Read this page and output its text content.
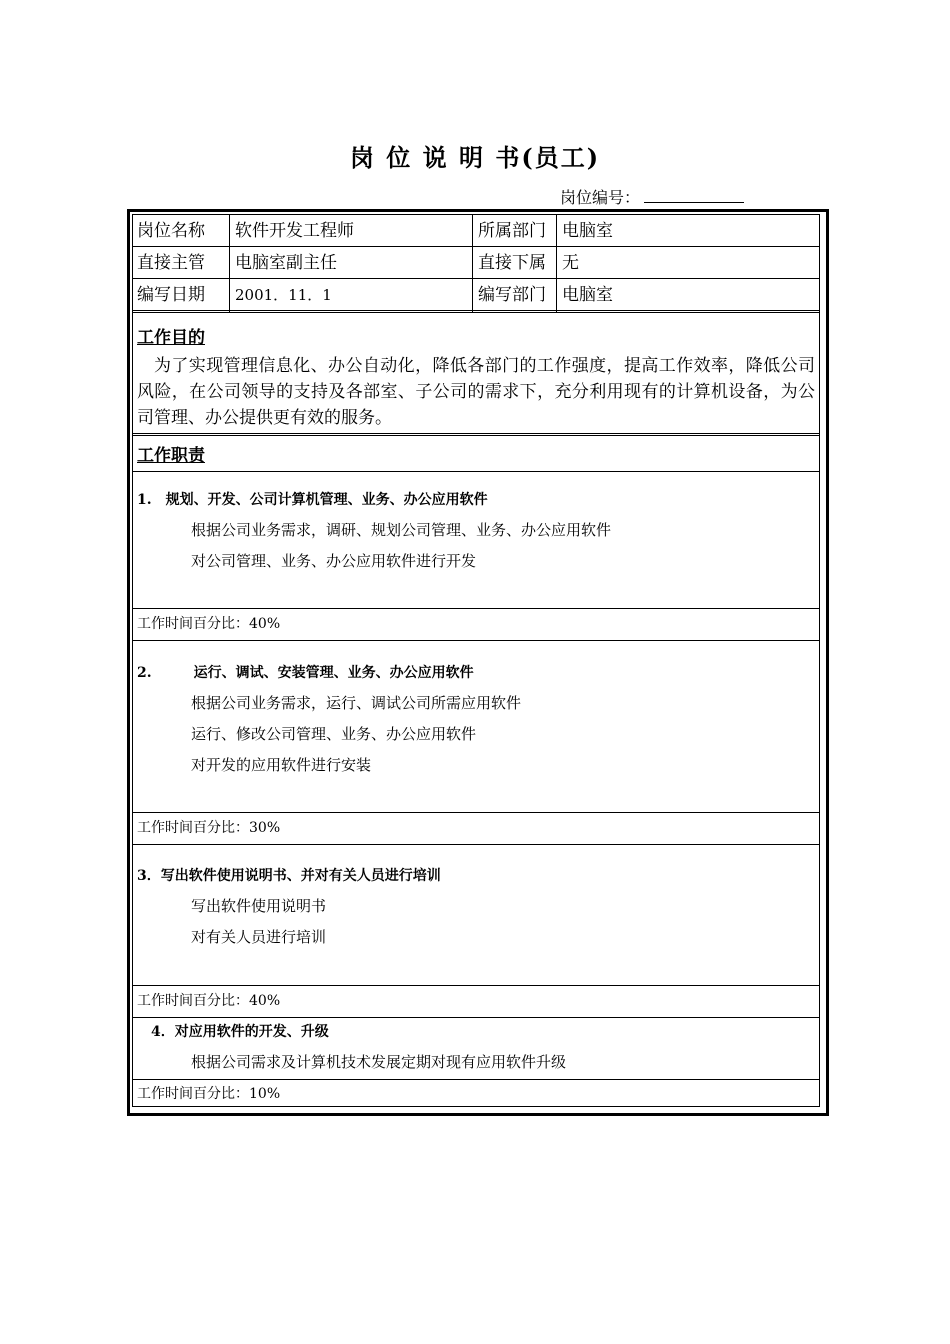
岗 位 说 明 书(员工)
岗位编号：
岗位名称 软件开发工程师	所属部门 电脑室
直接主管 电脑室副主任	直接下属 无
编写日期 2001．11．1	编写部门 电脑室
工作目的
为了实现管理信息化、办公自动化，降低各部门的工作强度，提高工作效率，降低公司风险，在公司领导的支持及各部室、子公司的需求下，充分利用现有的计算机设备，为公司管理、办公提供更有效的服务。
工作职责
1.　规划、开发、公司计算机管理、业务、办公应用软件
根据公司业务需求，调研、规划公司管理、业务、办公应用软件
对公司管理、业务、办公应用软件进行开发
工作时间百分比：40%
2.　　　运行、调试、安装管理、业务、办公应用软件
根据公司业务需求，运行、调试公司所需应用软件
运行、修改公司管理、业务、办公应用软件
对开发的应用软件进行安装
工作时间百分比：30%
3．写出软件使用说明书、并对有关人员进行培训
写出软件使用说明书
对有关人员进行培训
工作时间百分比：40%
　4．对应用软件的开发、升级
根据公司需求及计算机技术发展定期对现有应用软件升级
工作时间百分比：10%
